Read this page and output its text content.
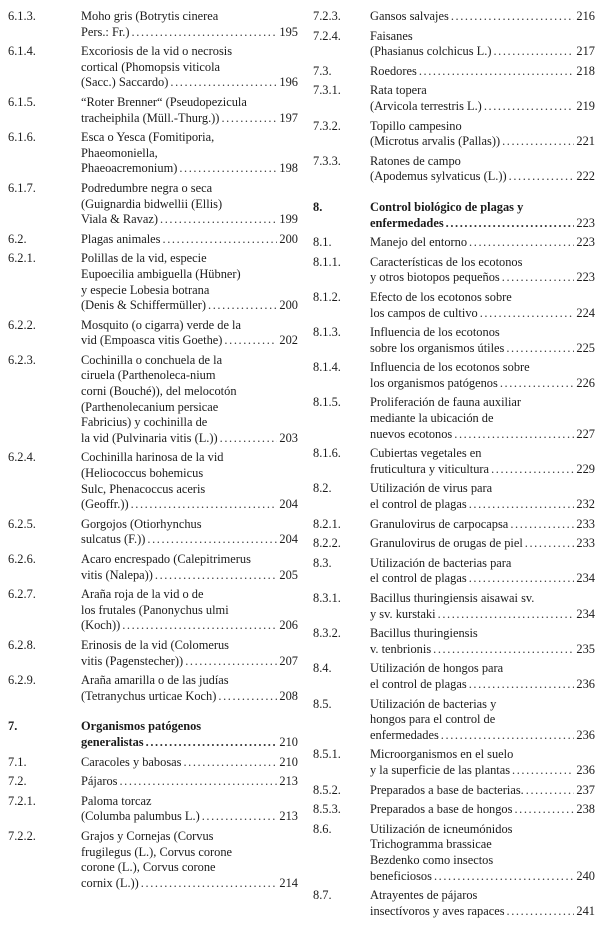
6.1.3.	Moho gris (Botrytis cinerea
Pers.: Fr.) .....	195
6.1.4.	Excoriosis de la vid o necrosis
cortical (Phomopsis viticola
(Sacc.) Saccardo) .....	196
6.1.5.	“Roter Brenner“ (Pseudopezicula
tracheiphila (Müll.-Thurg.)) .....	197
6.1.6.	Esca o Yesca (Fomitiporia,
Phaeomoniella,
Phaeoacremonium) .....	198
6.1.7.	Podredumbre negra o seca
(Guignardia bidwellii (Ellis)
Viala & Ravaz) .....	199
6.2.	Plagas animales .....	200
6.2.1.	Polillas de la vid, especie
Eupoecilia ambiguella (Hübner)
y especie Lobesia botrana
(Denis & Schiffermüller) .....	200
6.2.2.	Mosquito (o cigarra) verde de la
vid (Empoasca vitis Goethe) .....	202
6.2.3.	Cochinilla o conchuela de la
ciruela (Parthenoleca-nium
corni (Bouché)), del melocotón
(Parthenolecanium persicae
Fabricius) y cochinilla de
la vid (Pulvinaria vitis (L.)) .....	203
6.2.4.	Cochinilla harinosa de la vid
(Heliococcus bohemicus
Sulc, Phenacoccus aceris
(Geoffr.)) .....	204
6.2.5.	Gorgojos (Otiorhynchus
sulcatus (F.)) .....	204
6.2.6.	Acaro encrespado (Calepitrimerus
vitis (Nalepa)) .....	205
6.2.7.	Araña roja de la vid o de
los frutales (Panonychus ulmi
(Koch)) .....	206
6.2.8.	Erinosis de la vid (Colomerus
vitis (Pagenstecher)) .....	207
6.2.9.	Araña amarilla o de las judías
(Tetranychus urticae Koch) .....	208
7.	Organismos patógenos
generalistas .....	210
7.1.	Caracoles y babosas .....	210
7.2.	Pájaros .....	213
7.2.1.	Paloma torcaz
(Columba palumbus L.) .....	213
7.2.2.	Grajos y Cornejas (Corvus
frugilegus (L.), Corvus corone
corone (L.), Corvus corone
cornix (L.)) .....	214
7.2.3.	Gansos salvajes .....	216
7.2.4.	Faisanes
(Phasianus colchicus L.) .....	217
7.3.	Roedores .....	218
7.3.1.	Rata topera
(Arvicola terrestris L.) .....	219
7.3.2.	Topillo campesino
(Microtus arvalis (Pallas)) .....	221
7.3.3.	Ratones de campo
(Apodemus sylvaticus (L.)) .....	222
8.	Control biológico de plagas y
enfermedades .....	223
8.1.	Manejo del entorno .....	223
8.1.1.	Características de los ecotonos
y otros biotopos pequeños .....	223
8.1.2.	Efecto de los ecotonos sobre
los campos de cultivo .....	224
8.1.3.	Influencia de los ecotonos
sobre los organismos útiles .....	225
8.1.4.	Influencia de los ecotonos sobre
los organismos patógenos .....	226
8.1.5.	Proliferación de fauna auxiliar
mediante la ubicación de
nuevos ecotonos .....	227
8.1.6.	Cubiertas vegetales en
fruticultura y viticultura .....	229
8.2.	Utilización de virus para
el control de plagas .....	232
8.2.1.	Granulovirus de carpocapsa .....	233
8.2.2.	Granulovirus de orugas de piel .....	233
8.3.	Utilización de bacterias para
el control de plagas .....	234
8.3.1.	Bacillus thuringiensis aisawai sv.
y sv. kurstaki .....	234
8.3.2.	Bacillus thuringiensis
v. tenbrionis .....	235
8.4.	Utilización de hongos para
el control de plagas .....	236
8.5.	Utilización de bacterias y
hongos para el control de
enfermedades .....	236
8.5.1.	Microorganismos en el suelo
y la superficie de las plantas .....	236
8.5.2.	Preparados a base de bacterias. .....	237
8.5.3.	Preparados a base de hongos .....	238
8.6.	Utilización de icneumónidos
Trichogramma brassicae
Bezdenko como insectos
beneficiosos .....	240
8.7.	Atrayentes de pájaros
insectívoros y aves rapaces .....	241
